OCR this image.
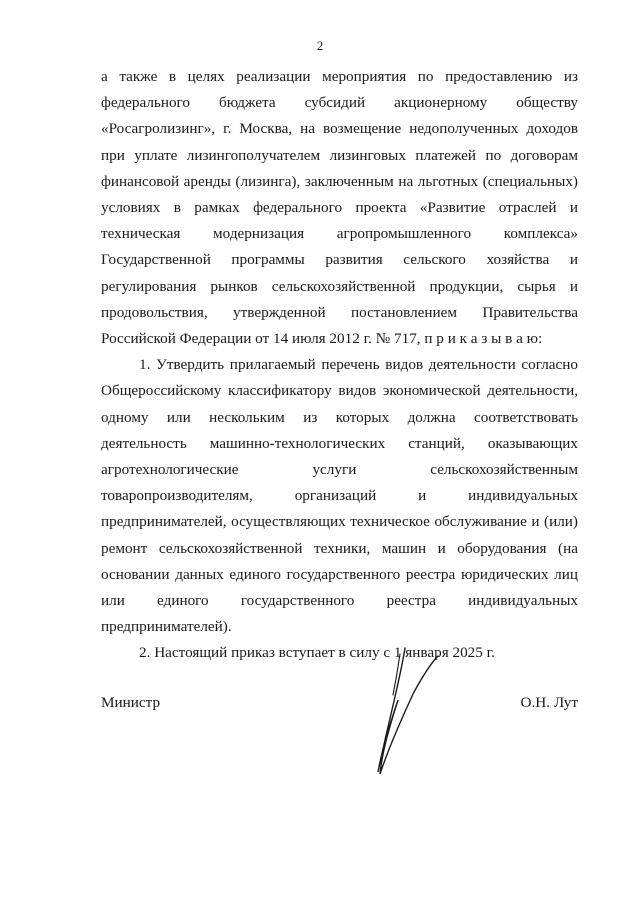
2

а также в целях реализации мероприятия по предоставлению из федерального бюджета субсидий акционерному обществу «Росагролизинг», г. Москва, на возмещение недополученных доходов при уплате лизингополучателем лизинговых платежей по договорам финансовой аренды (лизинга), заключенным на льготных (специальных) условиях в рамках федерального проекта «Развитие отраслей и техническая модернизация агропромышленного комплекса» Государственной программы развития сельского хозяйства и регулирования рынков сельскохозяйственной продукции, сырья и продовольствия, утвержденной постановлением Правительства Российской Федерации от 14 июля 2012 г. № 717, п р и к а з ы в а ю:

1. Утвердить прилагаемый перечень видов деятельности согласно Общероссийскому классификатору видов экономической деятельности, одному или нескольким из которых должна соответствовать деятельность машинно-технологических станций, оказывающих агротехнологические услуги сельскохозяйственным товаропроизводителям, организаций и индивидуальных предпринимателей, осуществляющих техническое обслуживание и (или) ремонт сельскохозяйственной техники, машин и оборудования (на основании данных единого государственного реестра юридических лиц или единого государственного реестра индивидуальных предпринимателей).

2. Настоящий приказ вступает в силу с 1 января 2025 г.

Министр	О.Н. Лут
